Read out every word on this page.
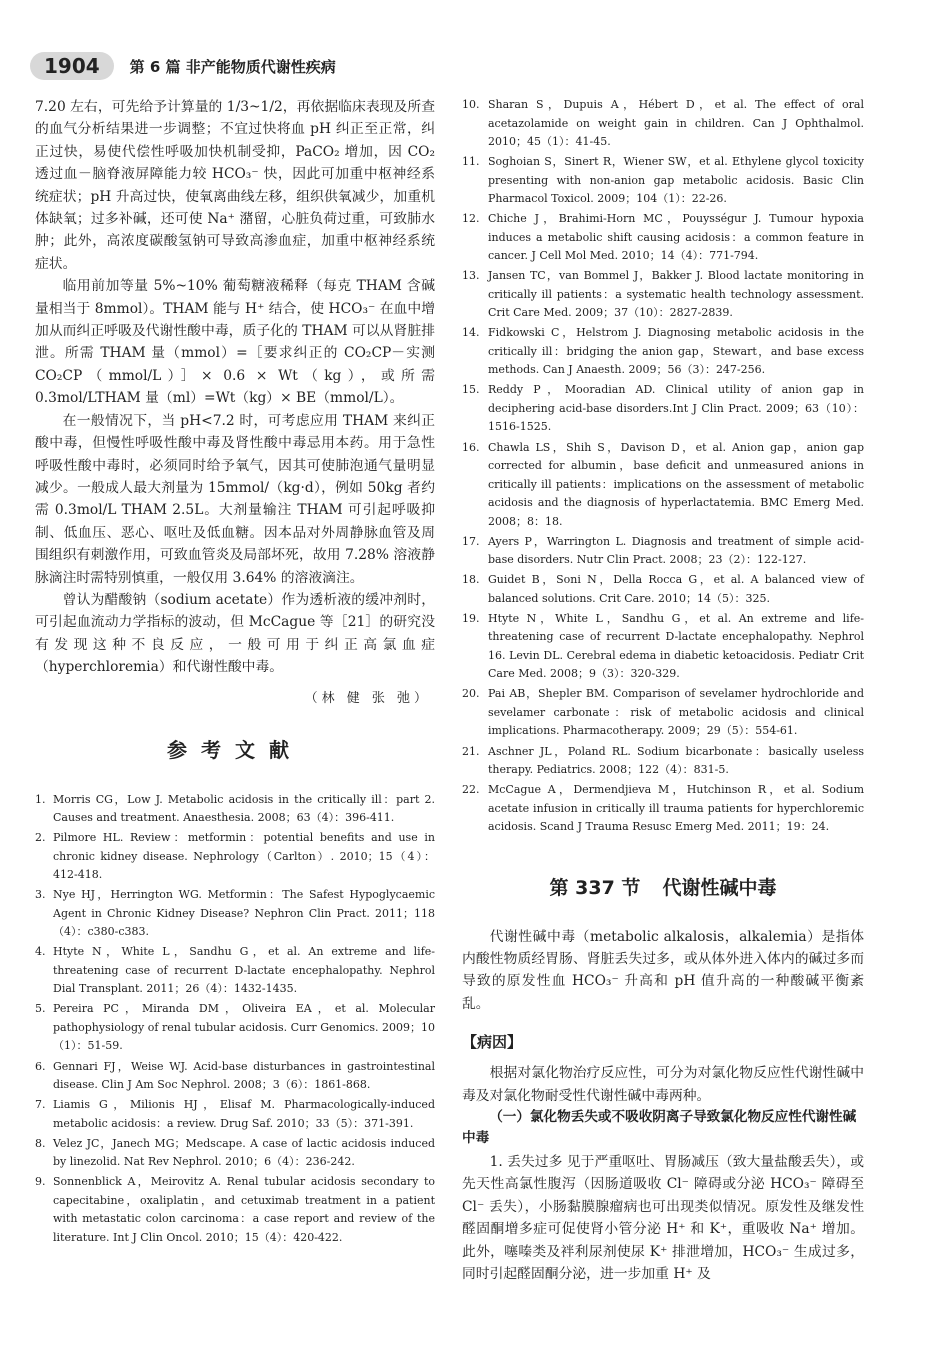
1904	第 6 篇 非产能物质代谢性疾病

7.20 左右，可先给予计算量的 1/3~1/2，再依据临床表现及所查的血气分析结果进一步调整；不宜过快将血 pH 纠正至正常，纠正过快，易使代偿性呼吸加快机制受抑，PaCO₂ 增加，因 CO₂ 透过血－脑脊液屏障能力较 HCO₃⁻ 快，因此可加重中枢神经系统症状；pH 升高过快，使氧离曲线左移，组织供氧减少，加重机体缺氧；过多补碱，还可使 Na⁺ 潴留，心脏负荷过重，可致肺水肿；此外，高浓度碳酸氢钠可导致高渗血症，加重中枢神经系统症状。

临用前加等量 5%~10% 葡萄糖液稀释（每克 THAM 含碱量相当于 8mmol）。THAM 能与 H⁺ 结合，使 HCO₃⁻ 在血中增加从而纠正呼吸及代谢性酸中毒，质子化的 THAM 可以从肾脏排泄。所需 THAM 量（mmol）=［要求纠正的 CO₂CP－实测 CO₂CP（mmol/L）］× 0.6 × Wt（kg），或所需 0.3mol/LTHAM 量（ml）=Wt（kg）× BE（mmol/L）。

在一般情况下，当 pH<7.2 时，可考虑应用 THAM 来纠正酸中毒，但慢性呼吸性酸中毒及肾性酸中毒忌用本药。用于急性呼吸性酸中毒时，必须同时给予氧气，因其可使肺泡通气量明显减少。一般成人最大剂量为 15mmol/（kg·d），例如 50kg 者约需 0.3mol/L THAM 2.5L。大剂量输注 THAM 可引起呼吸抑制、低血压、恶心、呕吐及低血糖。因本品对外周静脉血管及周围组织有刺激作用，可致血管炎及局部坏死，故用 7.28% 溶液静脉滴注时需特别慎重，一般仅用 3.64% 的溶液滴注。

曾认为醋酸钠（sodium acetate）作为透析液的缓冲剂时，可引起血流动力学指标的波动，但 McCague 等［21］的研究没有发现这种不良反应，一般可用于纠正高氯血症（hyperchloremia）和代谢性酸中毒。

（林 健 张 弛）
参考文献
1. Morris CG，Low J. Metabolic acidosis in the critically ill：part 2. Causes and treatment. Anaesthesia. 2008；63（4）：396-411.
2. Pilmore HL. Review：metformin：potential benefits and use in chronic kidney disease. Nephrology（Carlton）. 2010；15（4）：412-418.
3. Nye HJ，Herrington WG. Metformin：The Safest Hypoglycaemic Agent in Chronic Kidney Disease? Nephron Clin Pract. 2011；118（4）：c380-c383.
4. Htyte N，White L，Sandhu G，et al. An extreme and life-threatening case of recurrent D-lactate encephalopathy. Nephrol Dial Transplant. 2011；26（4）：1432-1435.
5. Pereira PC，Miranda DM，Oliveira EA，et al. Molecular pathophysiology of renal tubular acidosis. Curr Genomics. 2009；10（1）：51-59.
6. Gennari FJ，Weise WJ. Acid-base disturbances in gastrointestinal disease. Clin J Am Soc Nephrol. 2008；3（6）：1861-868.
7. Liamis G，Milionis HJ，Elisaf M. Pharmacologically-induced metabolic acidosis：a review. Drug Saf. 2010；33（5）：371-391.
8. Velez JC，Janech MG；Medscape. A case of lactic acidosis induced by linezolid. Nat Rev Nephrol. 2010；6（4）：236-242.
9. Sonnenblick A，Meirovitz A. Renal tubular acidosis secondary to capecitabine，oxaliplatin，and cetuximab treatment in a patient with metastatic colon carcinoma：a case report and review of the literature. Int J Clin Oncol. 2010；15（4）：420-422.
10. Sharan S，Dupuis A，Hébert D，et al. The effect of oral acetazolamide on weight gain in children. Can J Ophthalmol. 2010；45（1）：41-45.
11. Soghoian S，Sinert R，Wiener SW，et al. Ethylene glycol toxicity presenting with non-anion gap metabolic acidosis. Basic Clin Pharmacol Toxicol. 2009；104（1）：22-26.
12. Chiche J，Brahimi-Horn MC，Pouysségur J. Tumour hypoxia induces a metabolic shift causing acidosis：a common feature in cancer. J Cell Mol Med. 2010；14（4）：771-794.
13. Jansen TC，van Bommel J，Bakker J. Blood lactate monitoring in critically ill patients：a systematic health technology assessment. Crit Care Med. 2009；37（10）：2827-2839.
14. Fidkowski C，Helstrom J. Diagnosing metabolic acidosis in the critically ill：bridging the anion gap，Stewart，and base excess methods. Can J Anaesth. 2009；56（3）：247-256.
15. Reddy P，Mooradian AD. Clinical utility of anion gap in deciphering acid-base disorders.Int J Clin Pract. 2009；63（10）：1516-1525.
16. Chawla LS，Shih S，Davison D，et al. Anion gap，anion gap corrected for albumin，base deficit and unmeasured anions in critically ill patients：implications on the assessment of metabolic acidosis and the diagnosis of hyperlactatemia. BMC Emerg Med. 2008；8：18.
17. Ayers P，Warrington L. Diagnosis and treatment of simple acid-base disorders. Nutr Clin Pract. 2008；23（2）：122-127.
18. Guidet B，Soni N，Della Rocca G，et al. A balanced view of balanced solutions. Crit Care. 2010；14（5）：325.
19. Htyte N，White L，Sandhu G，et al. An extreme and life-threatening case of recurrent D-lactate encephalopathy. Nephrol 16. Levin DL. Cerebral edema in diabetic ketoacidosis. Pediatr Crit Care Med. 2008；9（3）：320-329.
20. Pai AB，Shepler BM. Comparison of sevelamer hydrochloride and sevelamer carbonate：risk of metabolic acidosis and clinical implications. Pharmacotherapy. 2009；29（5）：554-61.
21. Aschner JL，Poland RL. Sodium bicarbonate：basically useless therapy. Pediatrics. 2008；122（4）：831-5.
22. McCague A，Dermendjieva M，Hutchinson R，et al. Sodium acetate infusion in critically ill trauma patients for hyperchloremic acidosis. Scand J Trauma Resusc Emerg Med. 2011；19：24.
第 337 节 代谢性碱中毒

代谢性碱中毒（metabolic alkalosis，alkalemia）是指体内酸性物质经胃肠、肾脏丢失过多，或从体外进入体内的碱过多而导致的原发性血 HCO₃⁻ 升高和 pH 值升高的一种酸碱平衡紊乱。

【病因】

根据对氯化物治疗反应性，可分为对氯化物反应性代谢性碱中毒及对氯化物耐受性代谢性碱中毒两种。

（一）氯化物丢失或不吸收阴离子导致氯化物反应性代谢性碱中毒

1. 丢失过多 见于严重呕吐、胃肠减压（致大量盐酸丢失），或先天性高氯性腹泻（因肠道吸收 Cl⁻ 障碍或分泌 HCO₃⁻ 障碍至 Cl⁻ 丢失），小肠黏膜腺瘤病也可出现类似情况。原发性及继发性醛固酮增多症可促使肾小管分泌 H⁺ 和 K⁺，重吸收 Na⁺ 增加。此外，噻嗪类及袢利尿剂使尿 K⁺ 排泄增加，HCO₃⁻ 生成过多，同时引起醛固酮分泌，进一步加重 H⁺ 及
